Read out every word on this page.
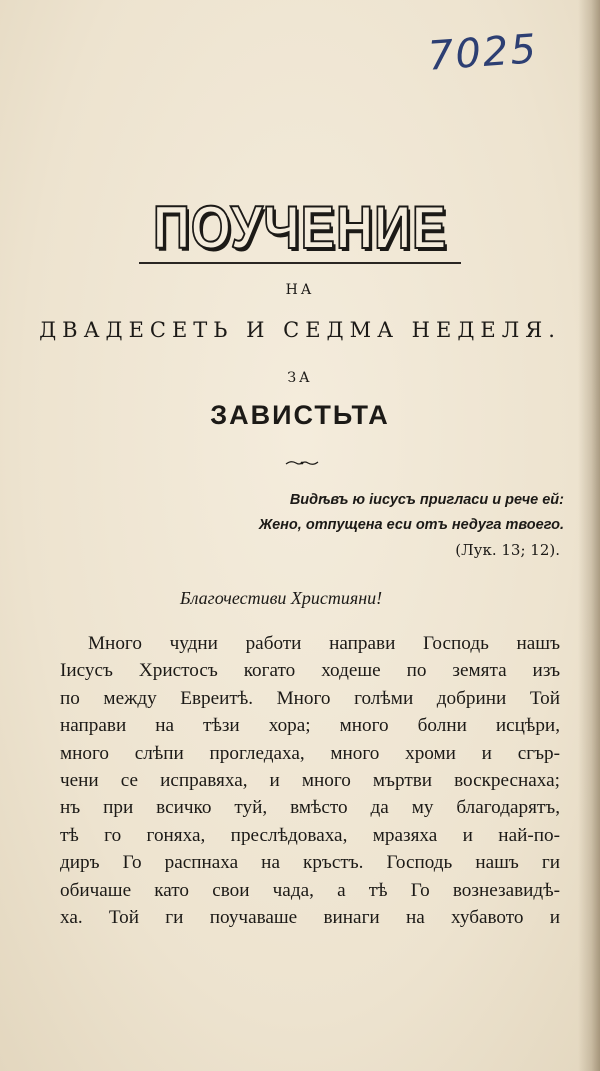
7025
ПОУЧЕНИЕ
НА
ДВАДЕСЕТЬ И СЕДМА НЕДЕЛЯ.
ЗА
ЗАВИСТЬТА
Видѣвъ ю іисусъ пригласи и рече ей:
Жено, отпущена еси отъ недуга твоего.
(Лук. 13; 12).
Благочестиви Християни!
Много чудни работи направи Господь нашъ
Іисусъ Христосъ когато ходеше по земята изъ
по между Евреитѣ. Много голѣми добрини Той
направи на тѣзи хора; много болни исцѣри,
много слѣпи прогледаха, много хроми и сгър-
чени се исправяха, и много мъртви воскреснаха;
нъ при всичко туй, вмѣсто да му благодарятъ,
тѣ го гоняха, преслѣдоваха, мразяха и най-по-
диръ Го распнаха на кръстъ. Господь нашъ ги
обичаше като свои чада, а тѣ Го вознезавидѣ-
ха. Той ги поучаваше винаги на хубавото и
